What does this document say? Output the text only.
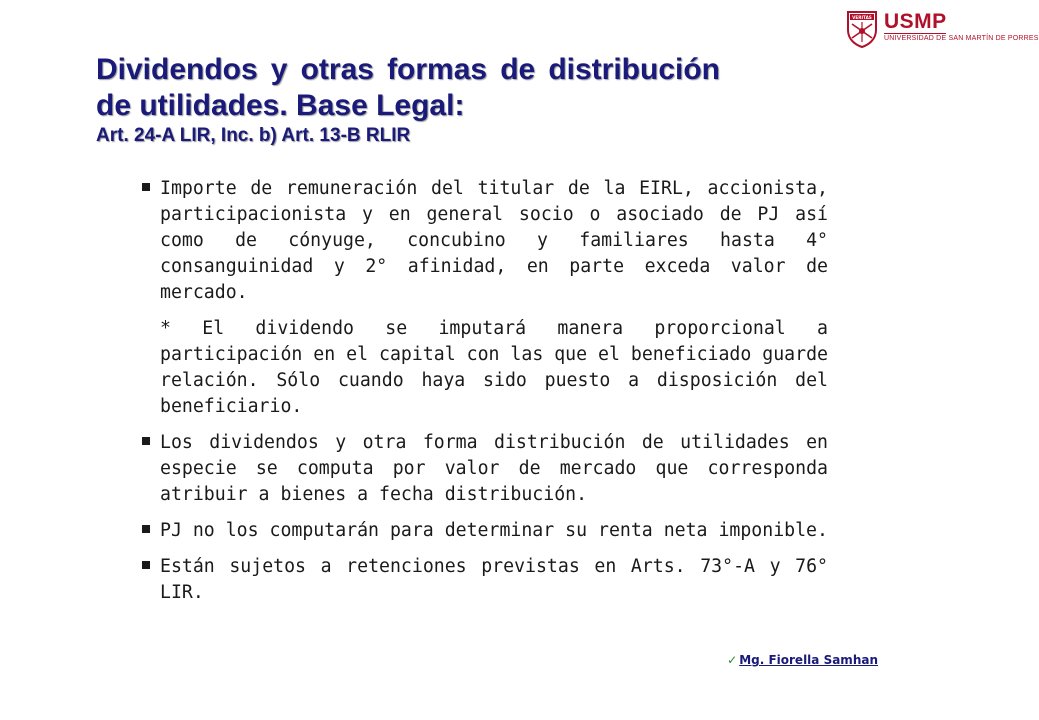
VERITAS USMP
UNIVERSIDAD DE SAN MARTÍN DE PORRES

Dividendos y otras formas de distribución de utilidades. Base Legal:

Art. 24-A LIR, Inc. b) Art. 13-B RLIR

Importe de remuneración del titular de la EIRL, accionista, participacionista y en general socio o asociado de PJ así como de cónyuge, concubino y familiares hasta 4° consanguinidad y 2° afinidad, en parte exceda valor de mercado.
* El dividendo se imputará manera proporcional a participación en el capital con las que el beneficiado guarde relación. Sólo cuando haya sido puesto a disposición del beneficiario.
Los dividendos y otra forma distribución de utilidades en especie se computa por valor de mercado que corresponda atribuir a bienes a fecha distribución.
PJ no los computarán para determinar su renta neta imponible.
Están sujetos a retenciones previstas en Arts. 73°-A y 76° LIR.
✓ Mg. Fiorella Samhan
